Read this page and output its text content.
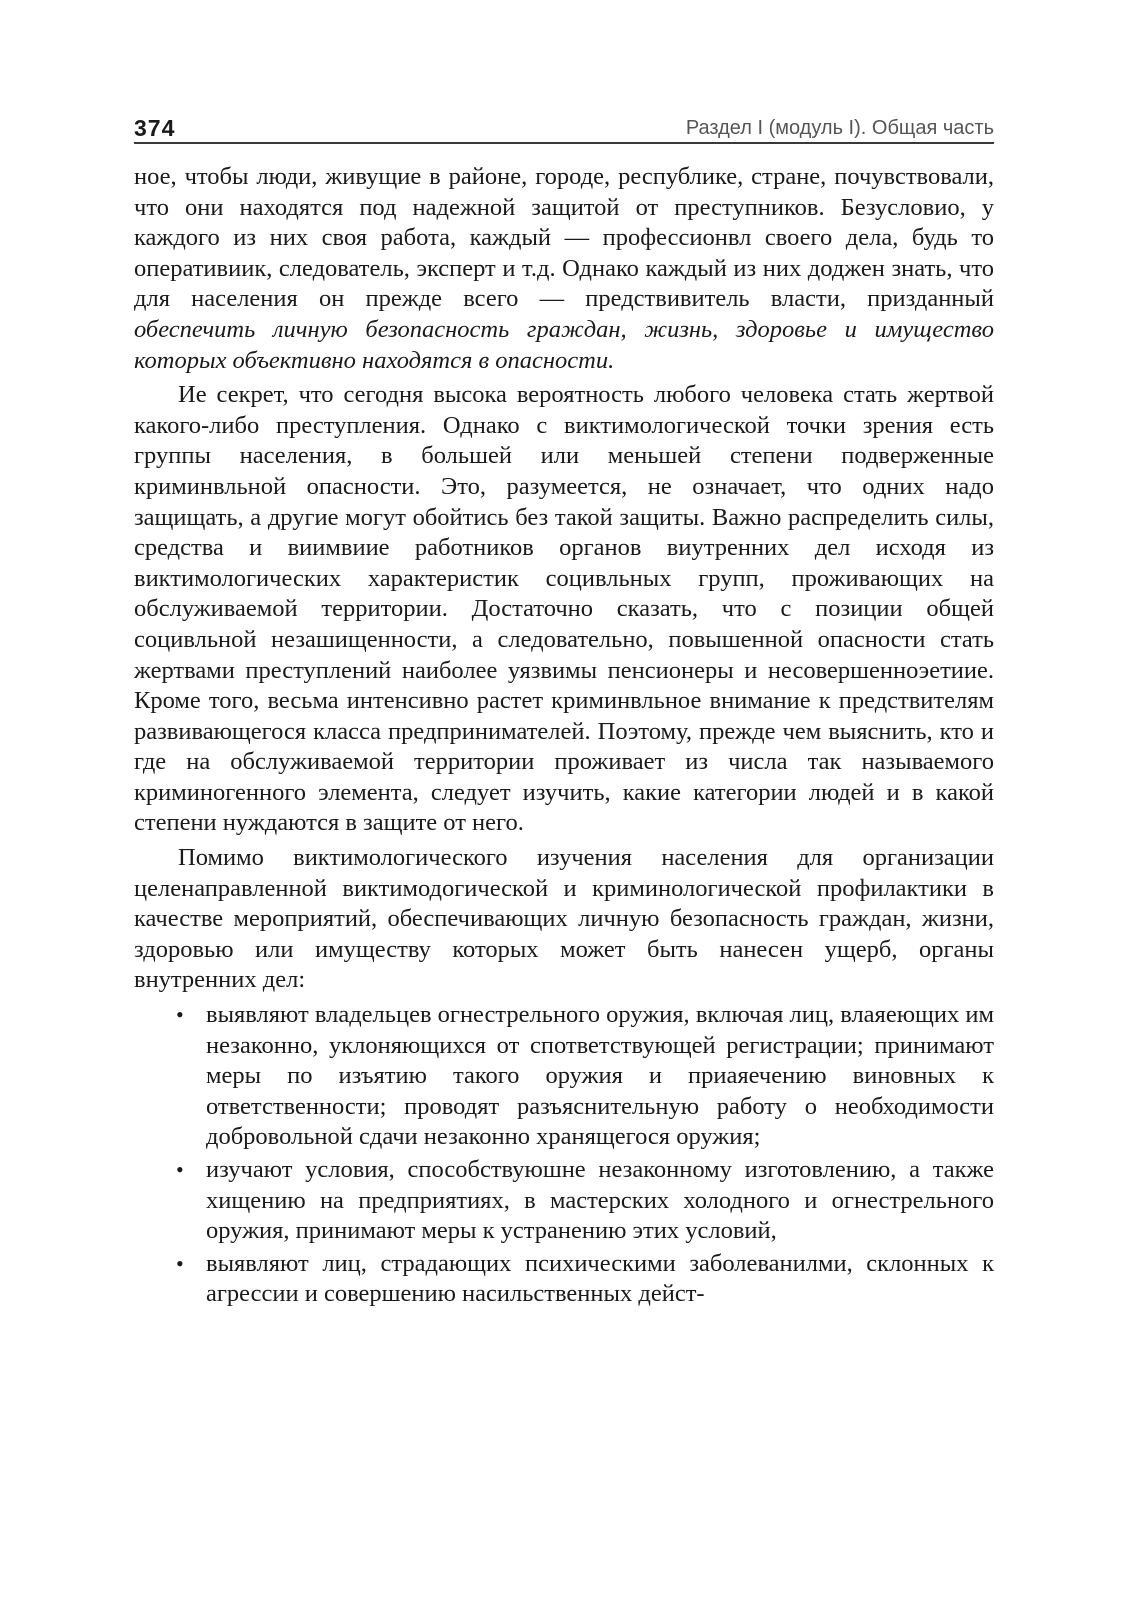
374	Раздел I (модуль I). Общая часть

ное, чтобы люди, живущие в районе, городе, республике, стране, почувствовали, что они находятся под надежной защитой от преступников. Безусловио, у каждого из них своя работа, каждый — профессионвл своего дела, будь то оперативиик, следователь, эксперт и т.д. Однако каждый из них доджен знать, что для населения он прежде всего — предствивитель власти, призданный обеспечить личную безопасность граждан, жизнь, здоровье и имущество которых объективно находятся в опасности.

Ие секрет, что сегодня высока вероятность любого человека стать жертвой какого-либо преступления. Однако с виктимологической точки зрения есть группы населения, в большей или меньшей степени подверженные криминвльной опасности. Это, разумеется, не означает, что одних надо защищать, а другие могут обойтись без такой защиты. Важно распределить силы, средства и виимвиие работников органов виутренних дел исходя из виктимологических характеристик социвльных групп, проживающих на обслуживаемой территории. Достаточно сказать, что с позиции общей социвльной незашищенности, а следовательно, повышенной опасности стать жертвами преступлений наиболее уязвимы пенсионеры и несовершенноэетиие. Кроме того, весьма интенсивно растет криминвльное внимание к предствителям развивающегося класса предпринимателей. Поэтому, прежде чем выяснить, кто и где на обслуживаемой территории проживает из числа так называемого криминогенного элемента, следует изучить, какие категории людей и в какой степени нуждаются в защите от него.

Помимо виктимологического изучения населения для организации целенаправленной виктимодогической и криминологической профилактики в качестве мероприятий, обеспечивающих личную безопасность граждан, жизни, здоровью или имуществу которых может быть нанесен ущерб, органы внутренних дел:

• выявляют владельцев огнестрельного оружия, включая лиц, влаяеющих им незаконно, уклоняющихся от спответствующей регистрации; принимают меры по изъятию такого оружия и приаяечению виновных к ответственности; проводят разъяснительную работу о необходимости добровольной сдачи незаконно хранящегося оружия;
• изучают условия, способствуюшне незаконному изготовлению, а также хищению на предприятиях, в мастерских холодного и огнестрельного оружия, принимают меры к устранению этих условий,
• выявляют лиц, страдающих психическими заболеванилми, склонных к агрессии и совершению насильственных дейст-
